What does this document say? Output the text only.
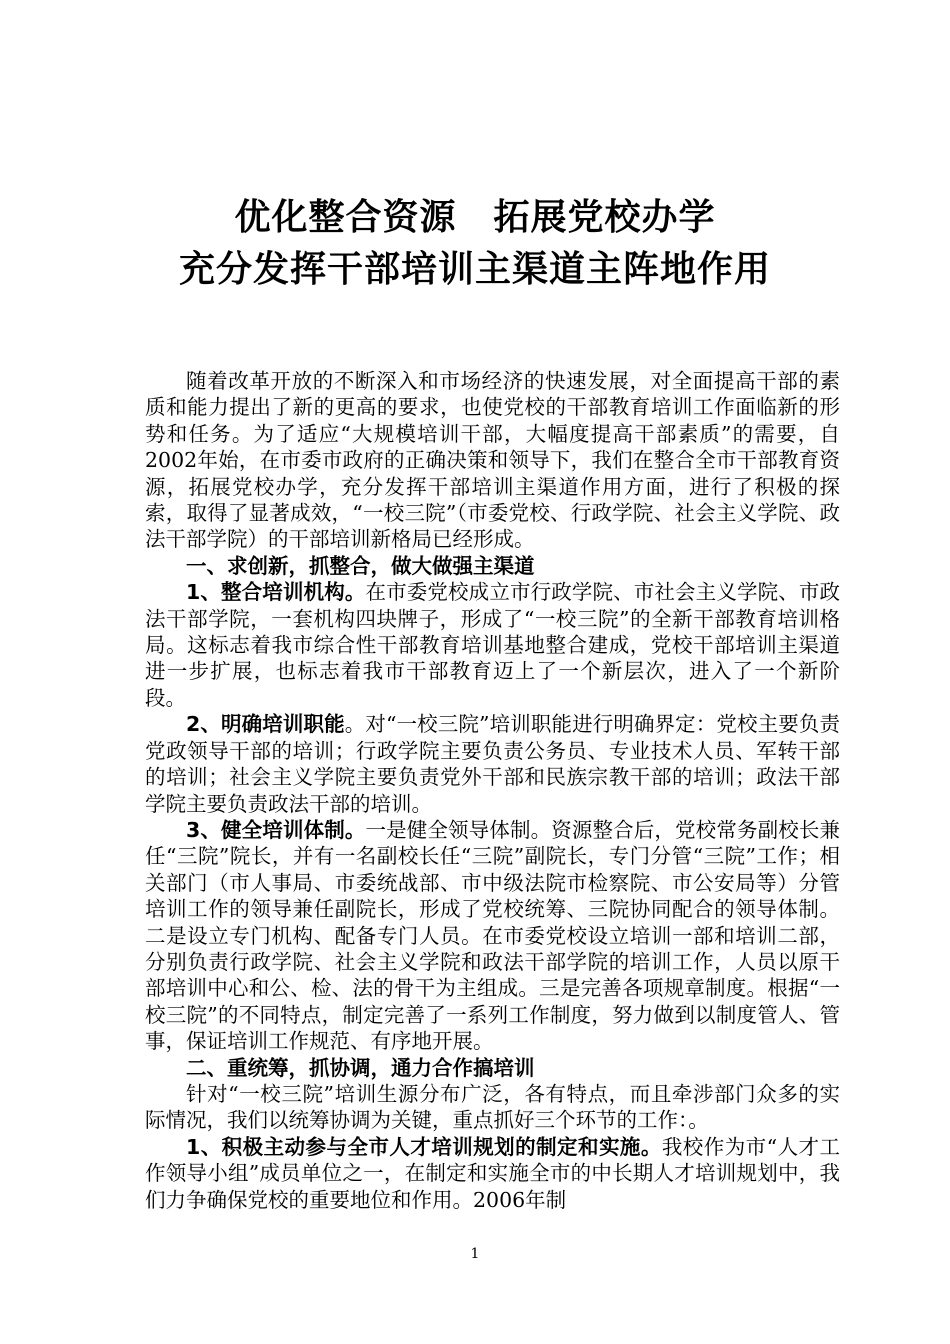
优化整合资源　拓展党校办学
充分发挥干部培训主渠道主阵地作用

随着改革开放的不断深入和市场经济的快速发展，对全面提高干部的素质和能力提出了新的更高的要求，也使党校的干部教育培训工作面临新的形势和任务。为了适应“大规模培训干部，大幅度提高干部素质”的需要，自2002年始，在市委市政府的正确决策和领导下，我们在整合全市干部教育资源，拓展党校办学，充分发挥干部培训主渠道作用方面，进行了积极的探索，取得了显著成效，“一校三院”（市委党校、行政学院、社会主义学院、政法干部学院）的干部培训新格局已经形成。

一、求创新，抓整合，做大做强主渠道

1、整合培训机构。在市委党校成立市行政学院、市社会主义学院、市政法干部学院，一套机构四块牌子，形成了“一校三院”的全新干部教育培训格局。这标志着我市综合性干部教育培训基地整合建成，党校干部培训主渠道进一步扩展，也标志着我市干部教育迈上了一个新层次，进入了一个新阶段。

2、明确培训职能。对“一校三院”培训职能进行明确界定：党校主要负责党政领导干部的培训；行政学院主要负责公务员、专业技术人员、军转干部的培训；社会主义学院主要负责党外干部和民族宗教干部的培训；政法干部学院主要负责政法干部的培训。

3、健全培训体制。一是健全领导体制。资源整合后，党校常务副校长兼任“三院”院长，并有一名副校长任“三院”副院长，专门分管“三院”工作；相关部门（市人事局、市委统战部、市中级法院市检察院、市公安局等）分管培训工作的领导兼任副院长，形成了党校统筹、三院协同配合的领导体制。二是设立专门机构、配备专门人员。在市委党校设立培训一部和培训二部，分别负责行政学院、社会主义学院和政法干部学院的培训工作，人员以原干部培训中心和公、检、法的骨干为主组成。三是完善各项规章制度。根据“一校三院”的不同特点，制定完善了一系列工作制度，努力做到以制度管人、管事，保证培训工作规范、有序地开展。

二、重统筹，抓协调，通力合作搞培训

针对“一校三院”培训生源分布广泛，各有特点，而且牵涉部门众多的实际情况，我们以统筹协调为关键，重点抓好三个环节的工作：。

1、积极主动参与全市人才培训规划的制定和实施。我校作为市“人才工作领导小组”成员单位之一，在制定和实施全市的中长期人才培训规划中，我们力争确保党校的重要地位和作用。2006年制

1
